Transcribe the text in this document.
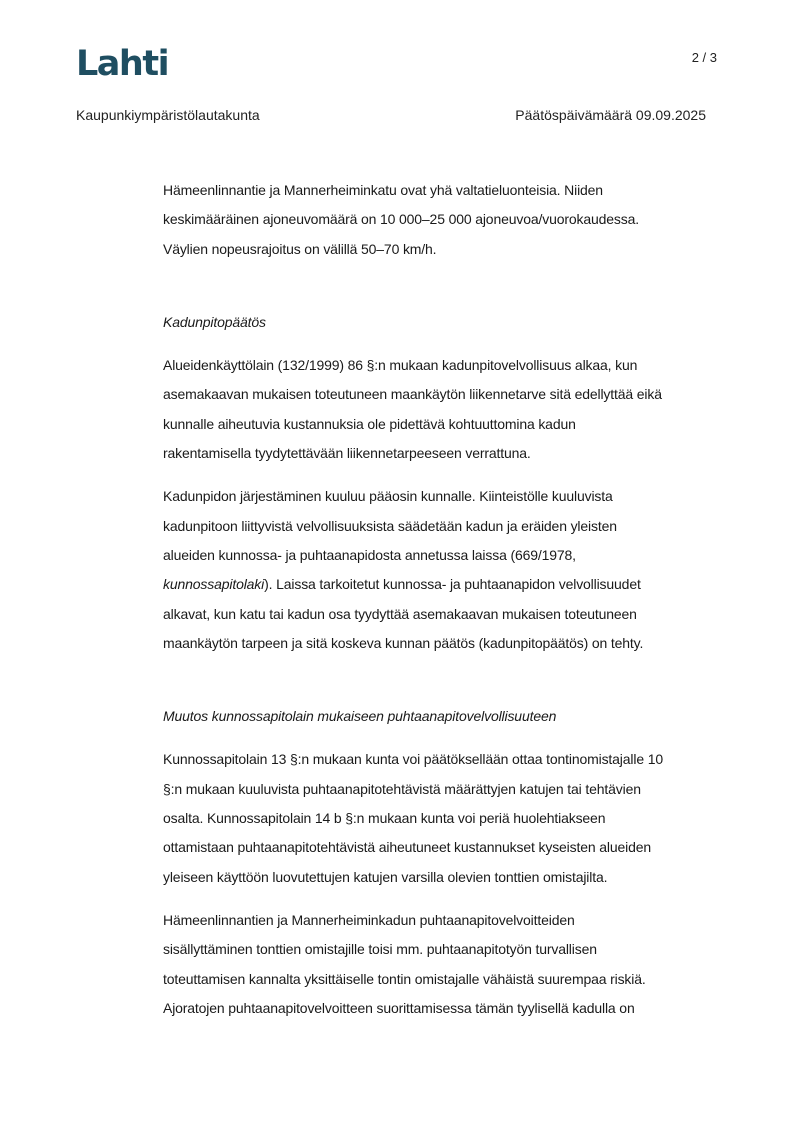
Lahti	2 / 3
Kaupunkiympäristölautakunta	Päätöspäivämäärä 09.09.2025

Hämeenlinnantie ja Mannerheiminkatu ovat yhä valtatieluonteisia. Niiden
keskimääräinen ajoneuvomäärä on 10 000–25 000 ajoneuvoa/vuorokaudessa.
Väylien nopeusrajoitus on välillä 50–70 km/h.

Kadunpitopäätös

Alueidenkäyttölain (132/1999) 86 §:n mukaan kadunpitovelvollisuus alkaa, kun
asemakaavan mukaisen toteutuneen maankäytön liikennetarve sitä edellyttää eikä
kunnalle aiheutuvia kustannuksia ole pidettävä kohtuuttomina kadun
rakentamisella tyydytettävään liikennetarpeeseen verrattuna.

Kadunpidon järjestäminen kuuluu pääosin kunnalle. Kiinteistölle kuuluvista
kadunpitoon liittyvistä velvollisuuksista säädetään kadun ja eräiden yleisten
alueiden kunnossa- ja puhtaanapidosta annetussa laissa (669/1978,
kunnossapitolaki). Laissa tarkoitetut kunnossa- ja puhtaanapidon velvollisuudet
alkavat, kun katu tai kadun osa tyydyttää asemakaavan mukaisen toteutuneen
maankäytön tarpeen ja sitä koskeva kunnan päätös (kadunpitopäätös) on tehty.

Muutos kunnossapitolain mukaiseen puhtaanapitovelvollisuuteen

Kunnossapitolain 13 §:n mukaan kunta voi päätöksellään ottaa tontinomistajalle 10
§:n mukaan kuuluvista puhtaanapitotehtävistä määrättyjen katujen tai tehtävien
osalta. Kunnossapitolain 14 b §:n mukaan kunta voi periä huolehtiakseen
ottamistaan puhtaanapitotehtävistä aiheutuneet kustannukset kyseisten alueiden
yleiseen käyttöön luovutettujen katujen varsilla olevien tonttien omistajilta.

Hämeenlinnantien ja Mannerheiminkadun puhtaanapitovelvoitteiden
sisällyttäminen tonttien omistajille toisi mm. puhtaanapitotyön turvallisen
toteuttamisen kannalta yksittäiselle tontin omistajalle vähäistä suurempaa riskiä.
Ajoratojen puhtaanapitovelvoitteen suorittamisessa tämän tyylisellä kadulla on
